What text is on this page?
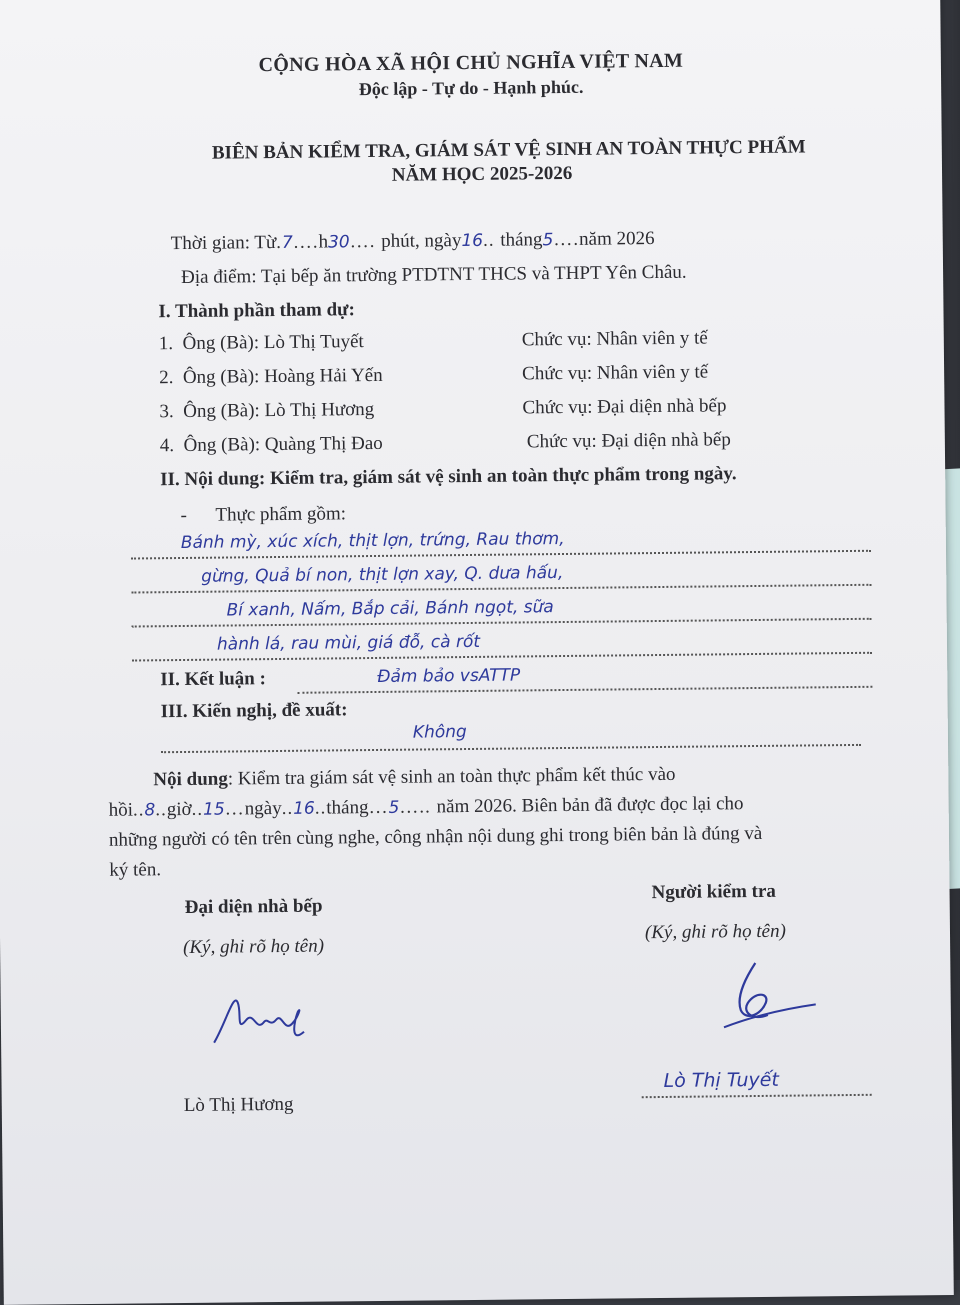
CỘNG HÒA XÃ HỘI CHỦ NGHĨA VIỆT NAM
Độc lập - Tự do - Hạnh phúc.
BIÊN BẢN KIỂM TRA, GIÁM SÁT VỆ SINH AN TOÀN THỰC PHẨM
NĂM HỌC 2025-2026
Thời gian: Từ.7….h30…. phút, ngày16.. tháng5….năm 2026
Địa điểm: Tại bếp ăn trường PTDTNT THCS và THPT Yên Châu.
I. Thành phần tham dự:
1. Ông (Bà): Lò Thị Tuyết	Chức vụ: Nhân viên y tế
2. Ông (Bà): Hoàng Hải Yến	Chức vụ: Nhân viên y tế
3. Ông (Bà): Lò Thị Hương	Chức vụ: Đại diện nhà bếp
4. Ông (Bà): Quàng Thị Đao	Chức vụ: Đại diện nhà bếp
II. Nội dung: Kiểm tra, giám sát vệ sinh an toàn thực phẩm trong ngày.
-      Thực phẩm gồm:
Bánh mỳ, xúc xích, thịt lợn, trứng, Rau thơm,
gừng, Quả bí non, thịt lợn xay, Q. dưa hấu,
Bí xanh, Nấm, Bắp cải, Bánh ngọt, sữa
hành lá, rau mùi, giá đỗ, cà rốt
II. Kết luận :	Đảm bảo vsATTP
III. Kiến nghị, đề xuất:
Không
Nội dung: Kiểm tra giám sát vệ sinh an toàn thực phẩm kết thúc vào
hồi..8..giờ..15…ngày..16..tháng…5….. năm 2026. Biên bản đã được đọc lại cho
những người có tên trên cùng nghe, công nhận nội dung ghi trong biên bản là đúng và
ký tên.
Đại diện nhà bếp
(Ký, ghi rõ họ tên)
Lò Thị Hương
Người kiểm tra
(Ký, ghi rõ họ tên)
Lò Thị Tuyết
